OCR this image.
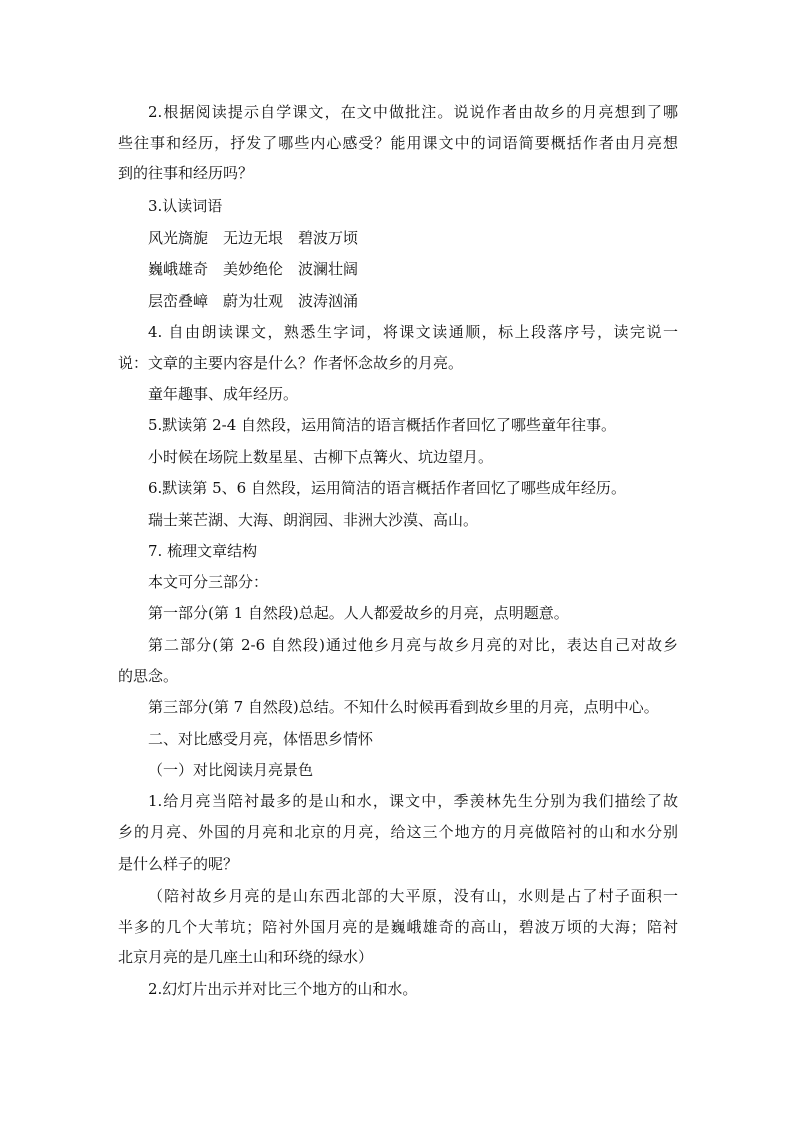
2.根据阅读提示自学课文，在文中做批注。说说作者由故乡的月亮想到了哪
些往事和经历，抒发了哪些内心感受？能用课文中的词语简要概括作者由月亮想
到的往事和经历吗？
3.认读词语
风光旖旎　无边无垠　碧波万顷
巍峨雄奇　美妙绝伦　波澜壮阔
层峦叠嶂　蔚为壮观　波涛汹涌
4. 自由朗读课文，熟悉生字词，将课文读通顺，标上段落序号，读完说一
说：文章的主要内容是什么？作者怀念故乡的月亮。
童年趣事、成年经历。
5.默读第 2-4 自然段，运用简洁的语言概括作者回忆了哪些童年往事。
小时候在场院上数星星、古柳下点篝火、坑边望月。
6.默读第 5、6 自然段，运用简洁的语言概括作者回忆了哪些成年经历。
瑞士莱芒湖、大海、朗润园、非洲大沙漠、高山。
7. 梳理文章结构
本文可分三部分：
第一部分(第 1 自然段)总起。人人都爱故乡的月亮，点明题意。
第二部分(第 2-6 自然段)通过他乡月亮与故乡月亮的对比，表达自己对故乡
的思念。
第三部分(第 7 自然段)总结。不知什么时候再看到故乡里的月亮，点明中心。
二、对比感受月亮，体悟思乡情怀
（一）对比阅读月亮景色
1.给月亮当陪衬最多的是山和水，课文中，季羡林先生分别为我们描绘了故
乡的月亮、外国的月亮和北京的月亮，给这三个地方的月亮做陪衬的山和水分别
是什么样子的呢？
（陪衬故乡月亮的是山东西北部的大平原，没有山，水则是占了村子面积一
半多的几个大苇坑；陪衬外国月亮的是巍峨雄奇的高山，碧波万顷的大海；陪衬
北京月亮的是几座土山和环绕的绿水）
2.幻灯片出示并对比三个地方的山和水。
